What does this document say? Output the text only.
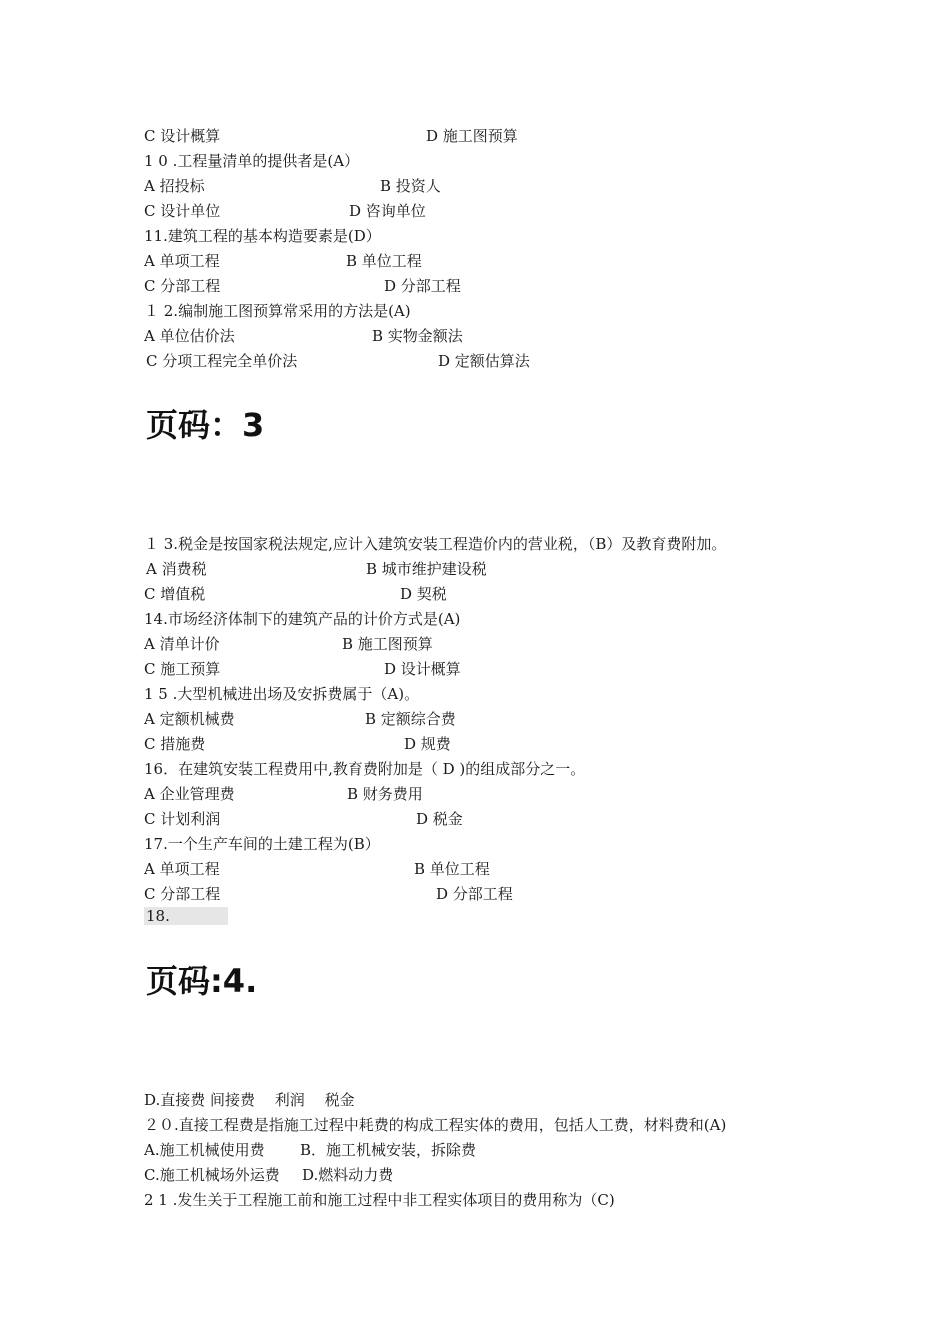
C 设计概算	D 施工图预算
1 0 .工程量清单的提供者是(A）
A 招投标	B 投资人
C 设计单位	D 咨询单位
11.建筑工程的基本构造要素是(D）
A 单项工程	B 单位工程
C 分部工程	D 分部工程
１ 2.编制施工图预算常采用的方法是(A)
A 单位估价法	B 实物金额法
C 分项工程完全单价法	D 定额估算法
页码：3
１ 3.税金是按国家税法规定,应计入建筑安装工程造价内的营业税，（B）及教育费附加。
A 消费税	B 城市维护建设税
C 增值税	D 契税
14.市场经济体制下的建筑产品的计价方式是(A)
A 清单计价	B 施工图预算
C 施工预算	D 设计概算
1 5 .大型机械进出场及安拆费属于（A)。
A 定额机械费	B 定额综合费
C 措施费	D 规费
16．在建筑安装工程费用中,教育费附加是（ D )的组成部分之一。
A 企业管理费	B 财务费用
C 计划利润	D 税金
17.一个生产车间的土建工程为(B）
A 单项工程	B 单位工程
C 分部工程	D 分部工程
18.
页码:4.
D.直接费 间接费　 利润　 税金
２０.直接工程费是指施工过程中耗费的构成工程实体的费用，包括人工费，材料费和(A)
A.施工机械使用费 B．施工机械安装，拆除费
C.施工机械场外运费 D.燃料动力费
2 1 .发生关于工程施工前和施工过程中非工程实体项目的费用称为（C)
